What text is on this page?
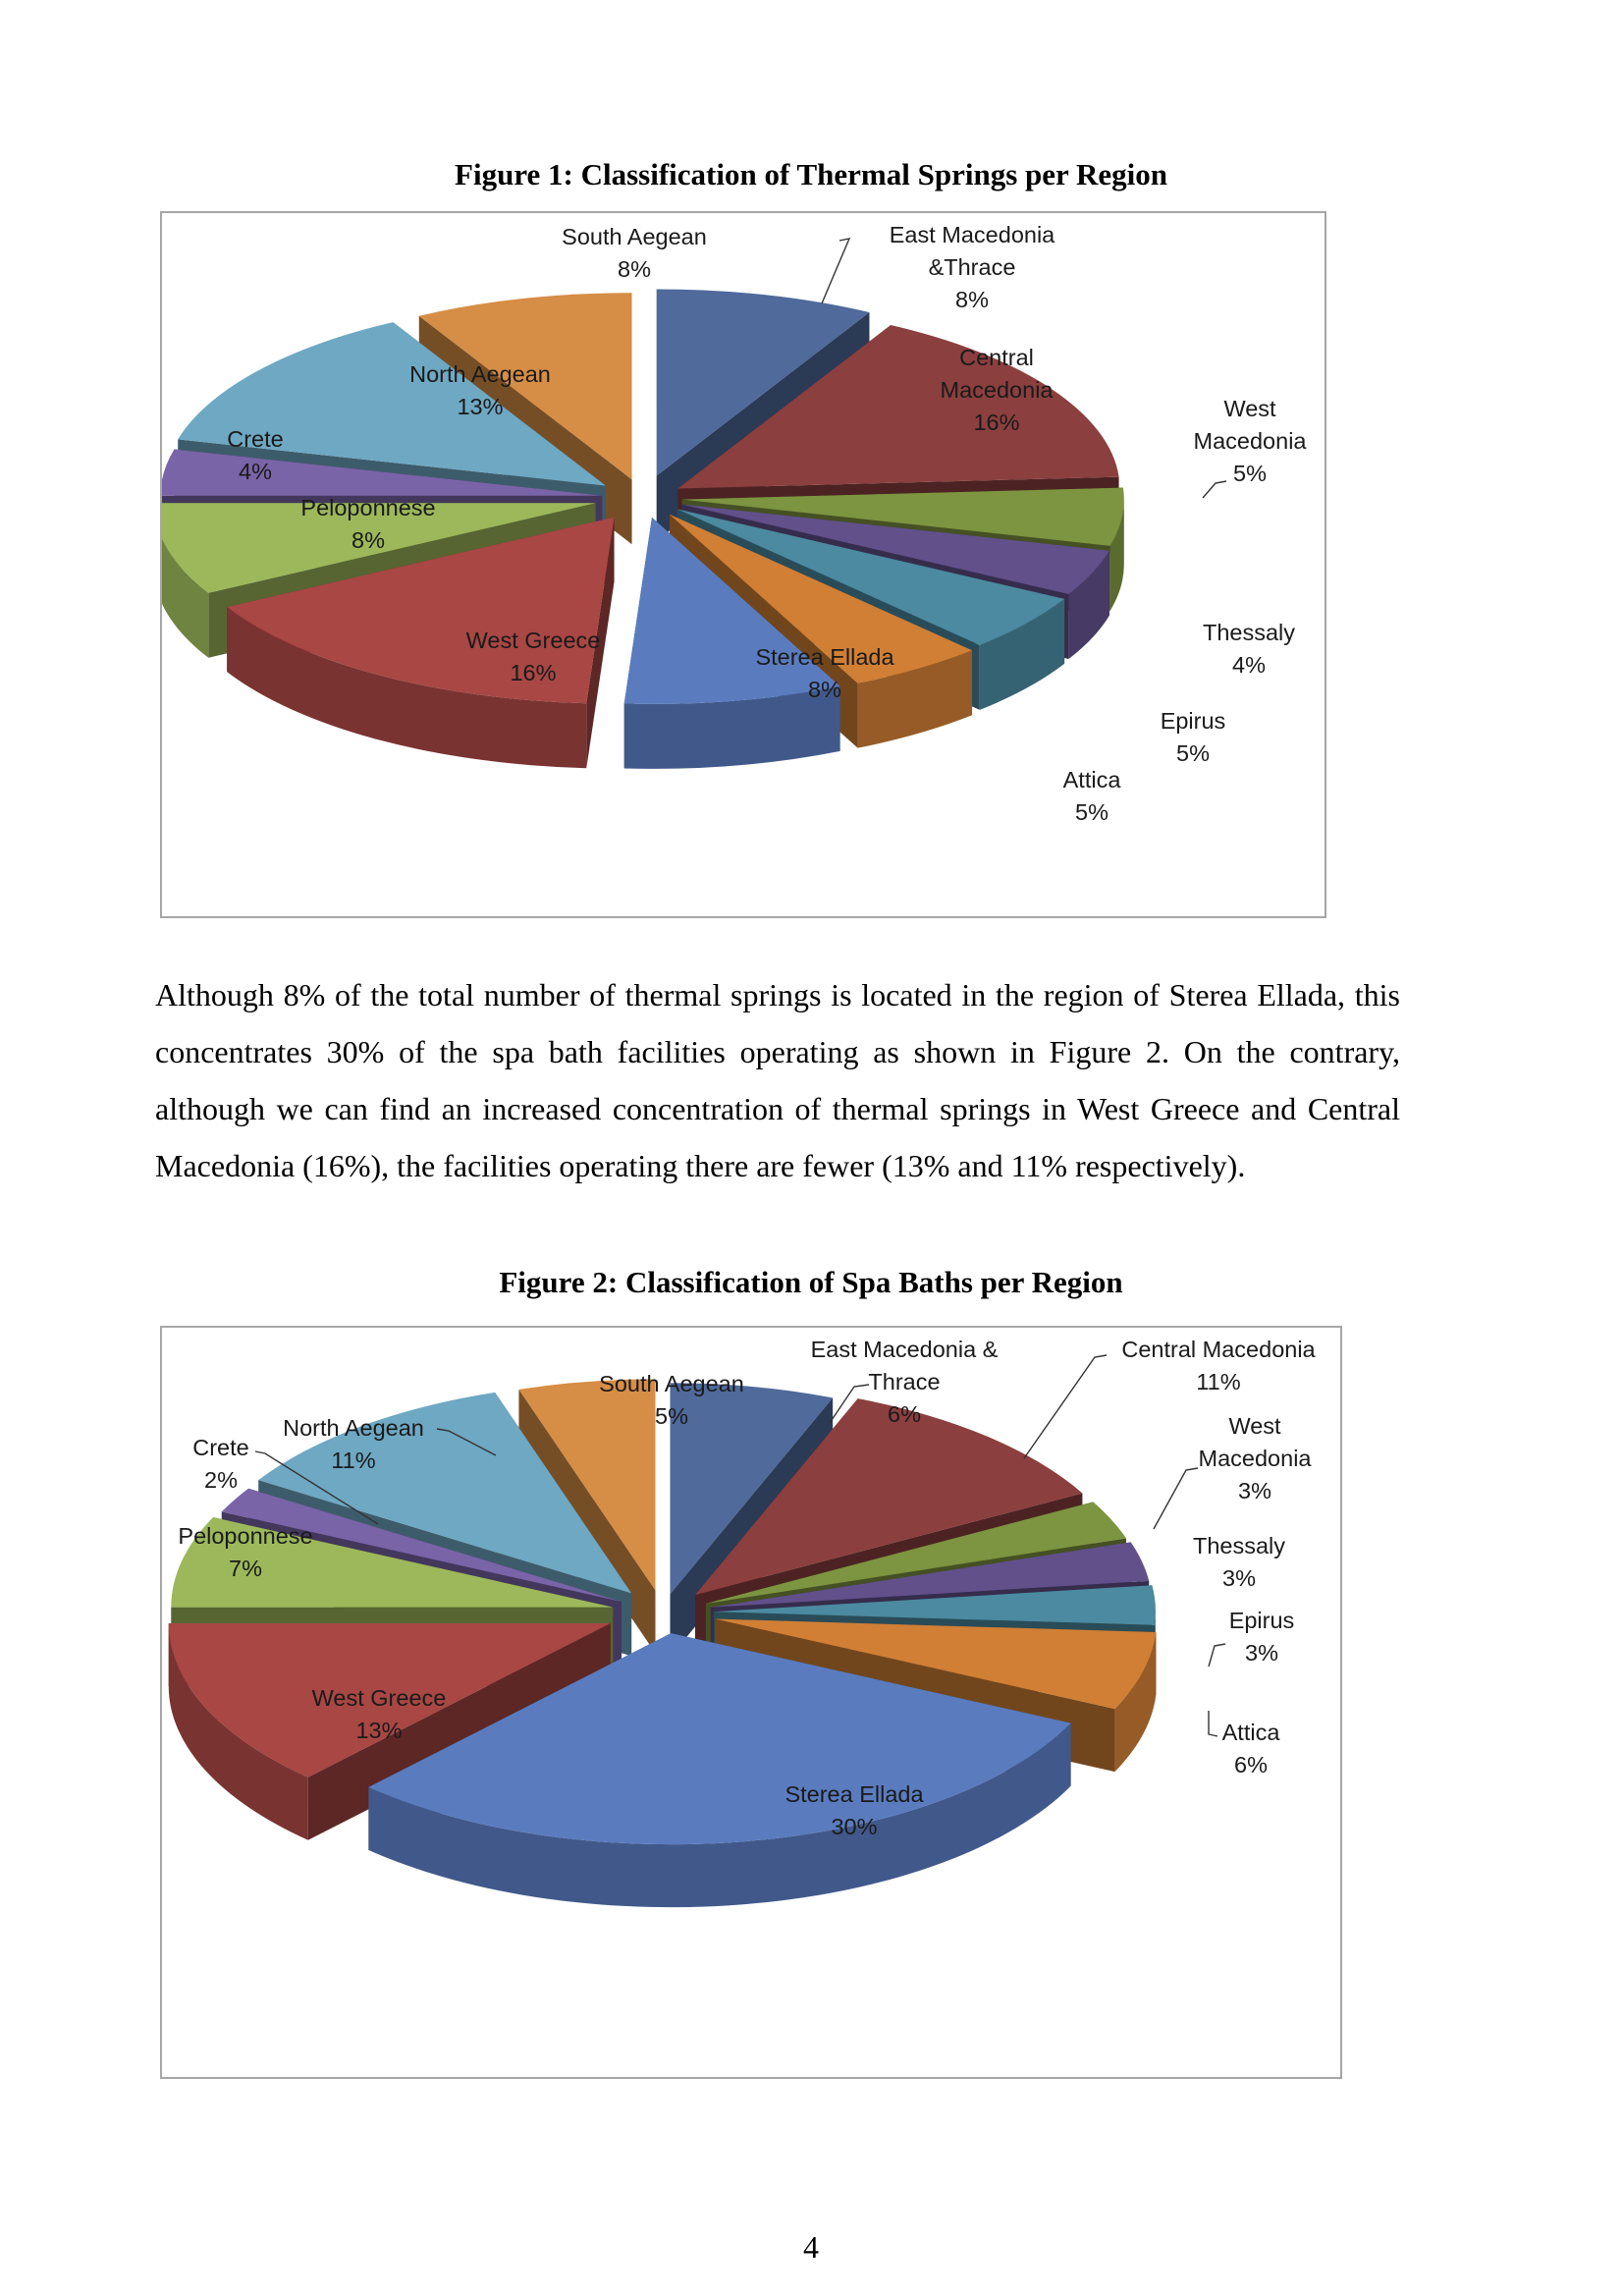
Figure 1: Classification of Thermal Springs per Region
East Macedonia &Thrace 8%
Central Macedonia 16%
West Macedonia 5%
Thessaly 4%
Epirus 5%
Attica 5%
Sterea Ellada 8%
West Greece 16%
Peloponnese 8%
Crete 4%
North Aegean 13%
South Aegean 8%
Although 8% of the total number of thermal springs is located in the region of Sterea Ellada, this concentrates 30% of the spa bath facilities operating as shown in Figure 2. On the contrary, although we can find an increased concentration of thermal springs in West Greece and Central Macedonia (16%), the facilities operating there are fewer (13% and 11% respectively).
Figure 2: Classification of Spa Baths per Region
East Macedonia & Thrace 6%
Central Macedonia 11%
West Macedonia 3%
Thessaly 3%
Epirus 3%
Attica 6%
Sterea Ellada 30%
West Greece 13%
Peloponnese 7%
Crete 2%
North Aegean 11%
South Aegean 5%
4
